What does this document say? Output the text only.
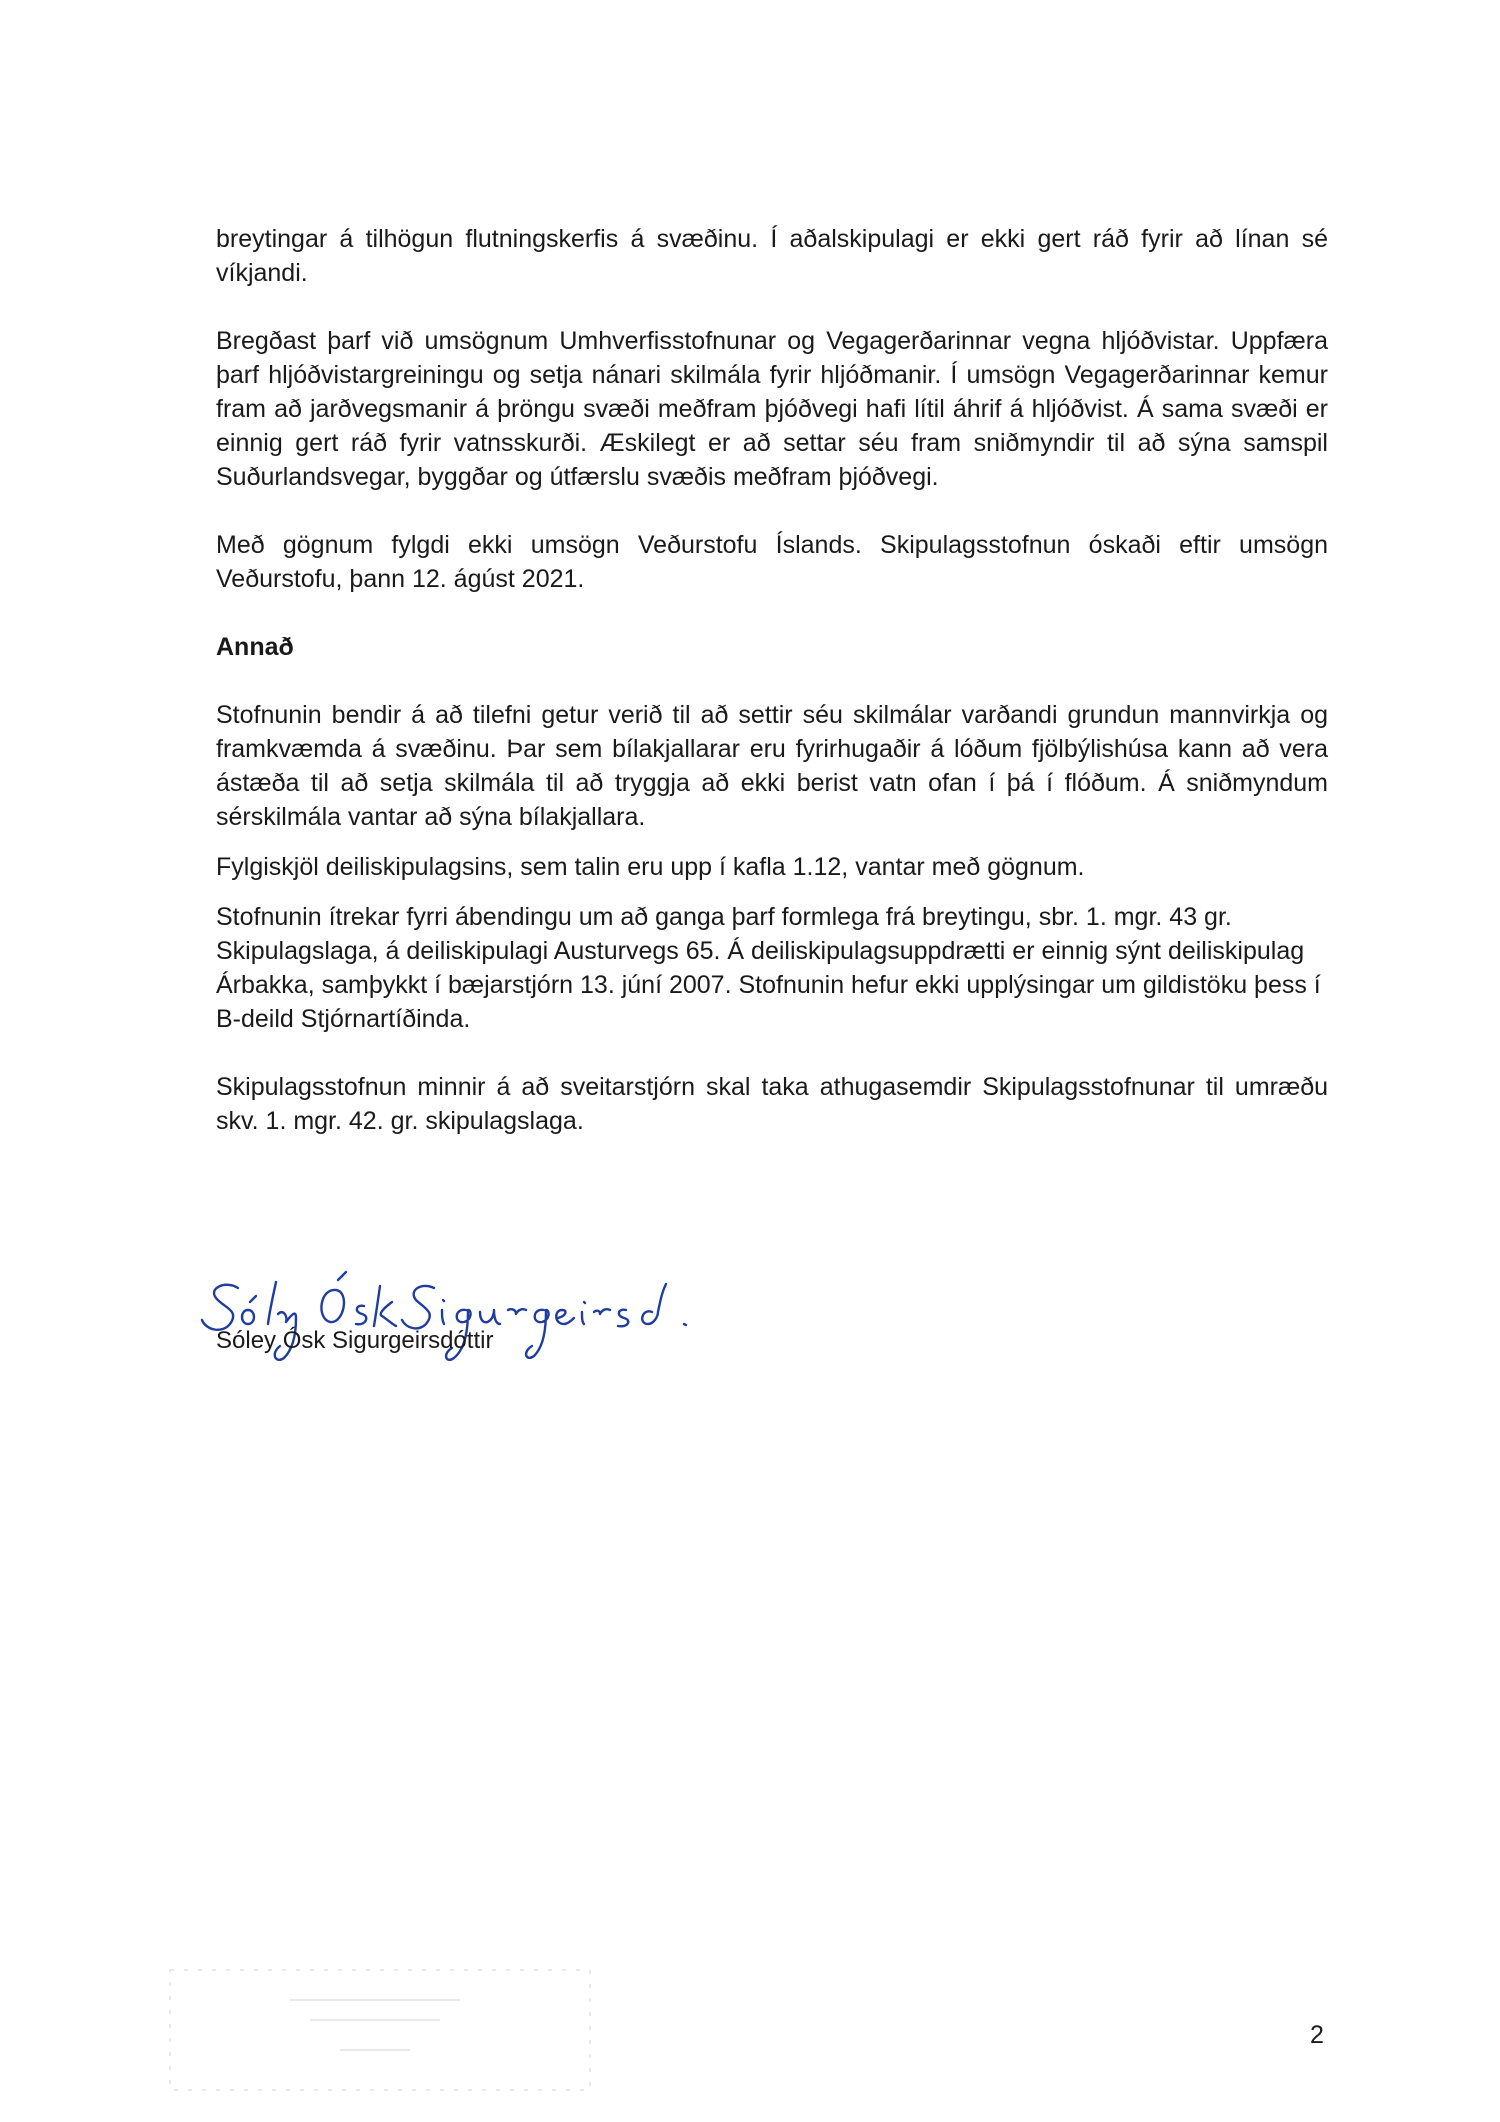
breytingar á tilhögun flutningskerfis á svæðinu. Í aðalskipulagi er ekki gert ráð fyrir að línan sé víkjandi.

Bregðast þarf við umsögnum Umhverfisstofnunar og Vegagerðarinnar vegna hljóðvistar. Uppfæra þarf hljóðvistargreiningu og setja nánari skilmála fyrir hljóðmanir. Í umsögn Vegagerðarinnar kemur fram að jarðvegsmanir á þröngu svæði meðfram þjóðvegi hafi lítil áhrif á hljóðvist. Á sama svæði er einnig gert ráð fyrir vatnsskurði. Æskilegt er að settar séu fram sniðmyndir til að sýna samspil Suðurlandsvegar, byggðar og útfærslu svæðis meðfram þjóðvegi.

Með gögnum fylgdi ekki umsögn Veðurstofu Íslands. Skipulagsstofnun óskaði eftir umsögn Veðurstofu, þann 12. ágúst 2021.

Annað

Stofnunin bendir á að tilefni getur verið til að settir séu skilmálar varðandi grundun mannvirkja og framkvæmda á svæðinu. Þar sem bílakjallarar eru fyrirhugaðir á lóðum fjölbýlishúsa kann að vera ástæða til að setja skilmála til að tryggja að ekki berist vatn ofan í þá í flóðum. Á sniðmyndum sérskilmála vantar að sýna bílakjallara.

Fylgiskjöl deiliskipulagsins, sem talin eru upp í kafla 1.12, vantar með gögnum.

Stofnunin ítrekar fyrri ábendingu um að ganga þarf formlega frá breytingu, sbr. 1. mgr. 43 gr. Skipulagslaga, á deiliskipulagi Austurvegs 65. Á deiliskipulagsuppdrætti er einnig sýnt deiliskipulag Árbakka, samþykkt í bæjarstjórn 13. júní 2007. Stofnunin hefur ekki upplýsingar um gildistöku þess í B-deild Stjórnartíðinda.

Skipulagsstofnun minnir á að sveitarstjórn skal taka athugasemdir Skipulagsstofnunar til umræðu skv. 1. mgr. 42. gr. skipulagslaga.

Sóley Ósk Sigurgeirsdóttir
2
